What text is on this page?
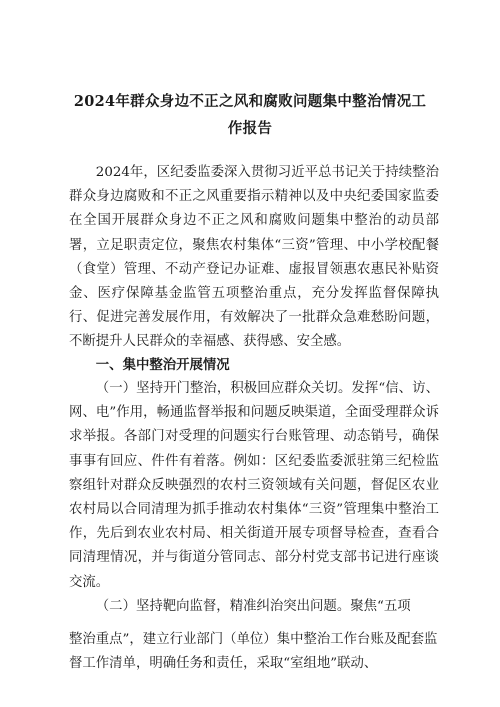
2024年群众身边不正之风和腐败问题集中整治情况工
作报告

2024年，区纪委监委深入贯彻习近平总书记关于持续整治群众身边腐败和不正之风重要指示精神以及中央纪委国家监委在全国开展群众身边不正之风和腐败问题集中整治的动员部署，立足职责定位，聚焦农村集体“三资”管理、中小学校配餐（食堂）管理、不动产登记办证难、虚报冒领惠农惠民补贴资金、医疗保障基金监管五项整治重点，充分发挥监督保障执行、促进完善发展作用，有效解决了一批群众急难愁盼问题，不断提升人民群众的幸福感、获得感、安全感。

一、集中整治开展情况

（一）坚持开门整治，积极回应群众关切。发挥“信、访、网、电”作用，畅通监督举报和问题反映渠道，全面受理群众诉求举报。各部门对受理的问题实行台账管理、动态销号，确保事事有回应、件件有着落。例如：区纪委监委派驻第三纪检监察组针对群众反映强烈的农村三资领域有关问题，督促区农业农村局以合同清理为抓手推动农村集体“三资”管理集中整治工作，先后到农业农村局、相关街道开展专项督导检查，查看合同清理情况，并与街道分管同志、部分村党支部书记进行座谈交流。

（二）坚持靶向监督，精准纠治突出问题。聚焦“五项

整治重点”，建立行业部门（单位）集中整治工作台账及配套监

督工作清单，明确任务和责任，采取“室组地”联动、
